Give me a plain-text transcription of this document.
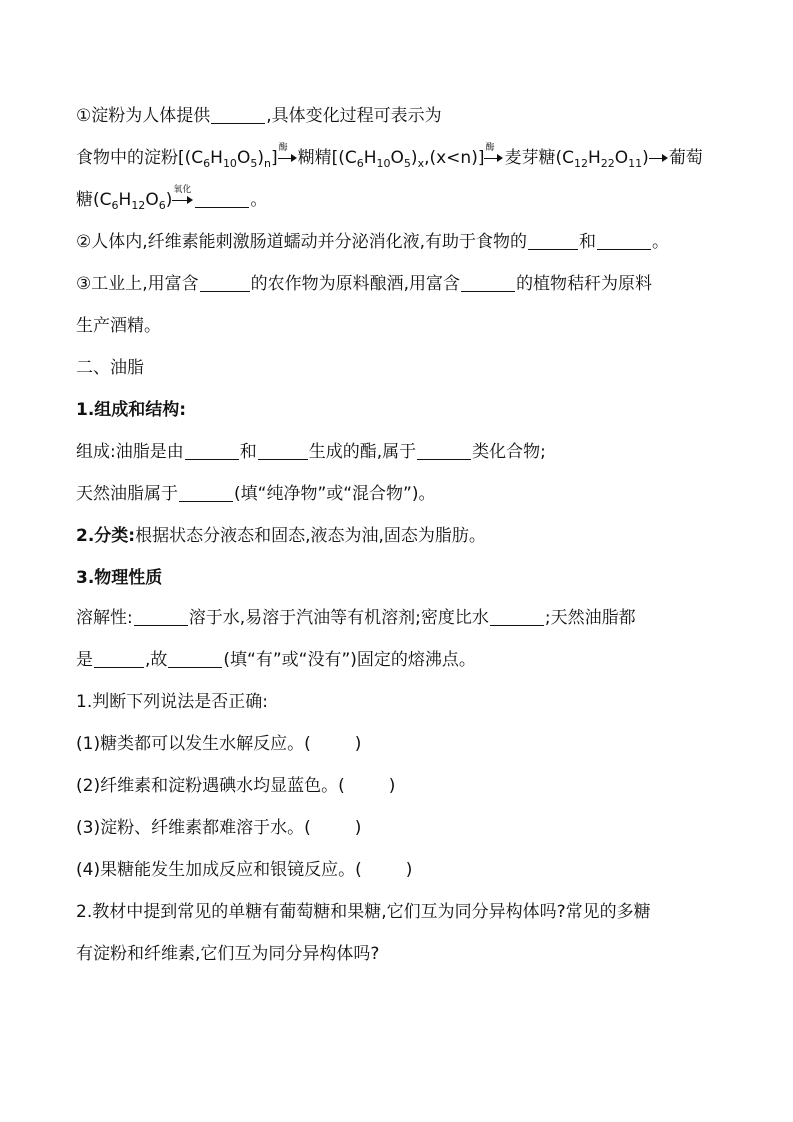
①淀粉为人体提供	,具体变化过程可表示为
食物中的淀粉$[(C_6H_{10}O_5)_n]$ 酶 糊精$[(C_6H_{10}O_5)_x,(x<n)]$ 酶 麦芽糖$(C_{12}H_{22}O_{11})$ 葡萄
糖$(C_6H_{12}O_6)$ 氧化	。
②人体内,纤维素能刺激肠道蠕动并分泌消化液,有助于食物的	和	。
③工业上,用富含	的农作物为原料酿酒,用富含	的植物秸秆为原料
生产酒精。
二、油脂
1.组成和结构:
组成:油脂是由	和	生成的酯,属于	类化合物;
天然油脂属于	(填“纯净物”或“混合物”)。
2.分类:根据状态分液态和固态,液态为油,固态为脂肪。
3.物理性质
溶解性:	溶于水,易溶于汽油等有机溶剂;密度比水	;天然油脂都
是	,故	(填“有”或“没有”)固定的熔沸点。
1.判断下列说法是否正确:
(1)糖类都可以发生水解反应。(	)
(2)纤维素和淀粉遇碘水均显蓝色。(	)
(3)淀粉、纤维素都难溶于水。(	)
(4)果糖能发生加成反应和银镜反应。(	)
2.教材中提到常见的单糖有葡萄糖和果糖,它们互为同分异构体吗?常见的多糖
有淀粉和纤维素,它们互为同分异构体吗?
